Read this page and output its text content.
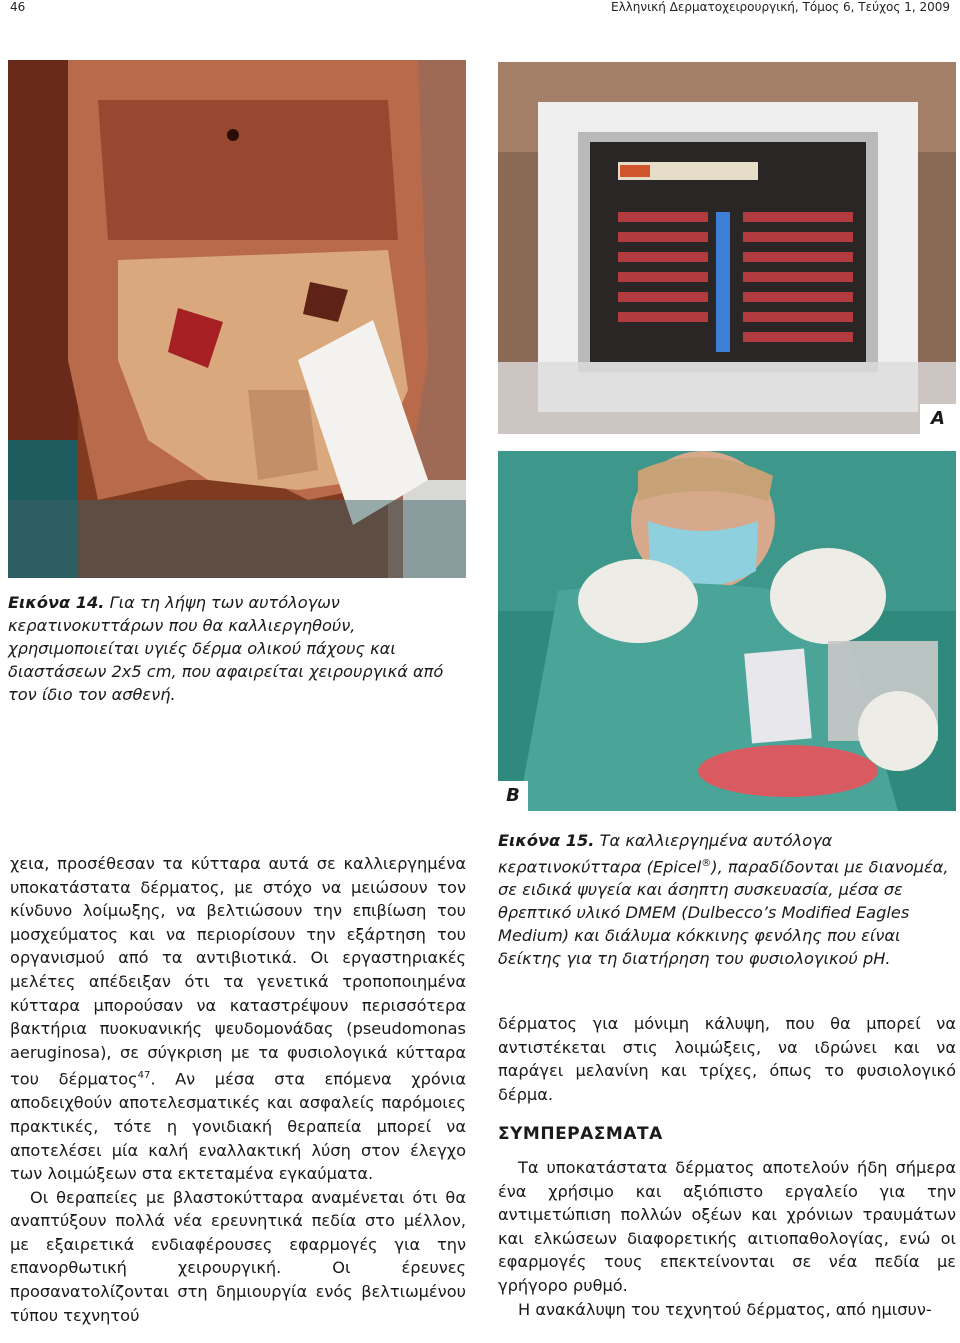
46	Ελληνική Δερματοχειρουργική, Τόμος 6, Τεύχος 1, 2009
Εικόνα 14. Για τη λήψη των αυτόλογων κερατινοκυττάρων που θα καλλιεργηθούν, χρησιμοποιείται υγιές δέρμα ολικού πάχους και διαστάσεων 2x5 cm, που αφαιρείται χειρουργικά από τον ίδιο τον ασθενή.
A
B
Εικόνα 15. Τα καλλιεργημένα αυτόλογα κερατινοκύτταρα (Epicel®), παραδίδονται με διανομέα, σε ειδικά ψυγεία και άσηπτη συσκευασία, μέσα σε θρεπτικό υλικό DMEM (Dulbecco’s Modified Eagles Medium) και διάλυμα κόκκινης φενόλης που είναι δείκτης για τη διατήρηση του φυσιολογικού pH.

χεια, προσέθεσαν τα κύτταρα αυτά σε καλλιεργημένα υποκατάστατα δέρματος, με στόχο να μειώσουν τον κίνδυνο λοίμωξης, να βελτιώσουν την επιβίωση του μοσχεύματος και να περιορίσουν την εξάρτηση του οργανισμού από τα αντιβιοτικά. Οι εργαστηριακές μελέτες απέδειξαν ότι τα γενετικά τροποποιημένα κύτταρα μπορούσαν να καταστρέψουν περισσότερα βακτήρια πυοκυανικής ψευδομονάδας (pseudomonas aeruginosa), σε σύγκριση με τα φυσιολογικά κύτταρα του δέρματος$^{47}$. Αν μέσα στα επόμενα χρόνια αποδειχθούν αποτελεσματικές και ασφαλείς παρόμοιες πρακτικές, τότε η γονιδιακή θεραπεία μπορεί να αποτελέσει μία καλή εναλλακτική λύση στον έλεγχο των λοιμώξεων στα εκτεταμένα εγκαύματα.

Οι θεραπείες με βλαστοκύτταρα αναμένεται ότι θα αναπτύξουν πολλά νέα ερευνητικά πεδία στο μέλλον, με εξαιρετικά ενδιαφέρουσες εφαρμογές για την επανορθωτική χειρουργική. Οι έρευνες προσανατολίζονται στη δημιουργία ενός βελτιωμένου τύπου τεχνητού

δέρματος για μόνιμη κάλυψη, που θα μπορεί να αντιστέκεται στις λοιμώξεις, να ιδρώνει και να παράγει μελανίνη και τρίχες, όπως το φυσιολογικό δέρμα.

ΣΥΜΠΕΡΑΣΜΑΤΑ

Τα υποκατάστατα δέρματος αποτελούν ήδη σήμερα ένα χρήσιμο και αξιόπιστο εργαλείο για την αντιμετώπιση πολλών οξέων και χρόνιων τραυμάτων και ελκώσεων διαφορετικής αιτιοπαθολογίας, ενώ οι εφαρμογές τους επεκτείνονται σε νέα πεδία με γρήγορο ρυθμό.

Η ανακάλυψη του τεχνητού δέρματος, από ημισυν-
